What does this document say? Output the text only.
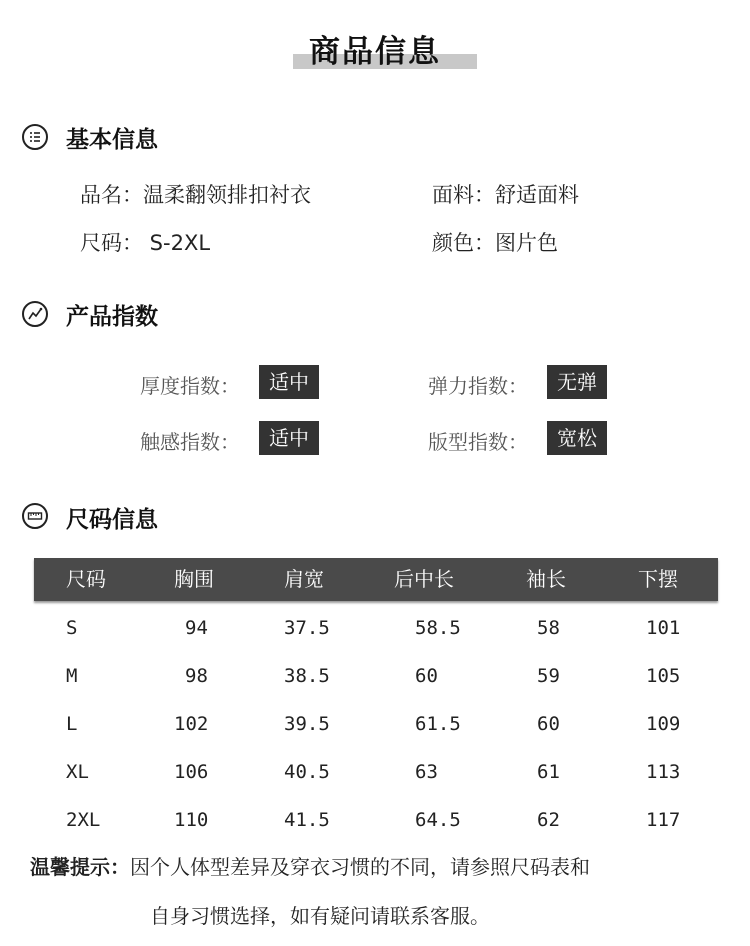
商品信息
基本信息
品名：温柔翻领排扣衬衣	面料：舒适面料
尺码： S-2XL	颜色：图片色
产品指数
厚度指数：	适中	弹力指数：	无弹
触感指数：	适中	版型指数：	宽松
尺码信息
尺码	胸围	肩宽	后中长	袖长	下摆
S	94	37.5	58.5	58	101
M	98	38.5	60	59	105
L	102	39.5	61.5	60	109
XL	106	40.5	63	61	113
2XL	110	41.5	64.5	62	117
温馨提示：因个人体型差异及穿衣习惯的不同，请参照尺码表和
自身习惯选择，如有疑问请联系客服。
